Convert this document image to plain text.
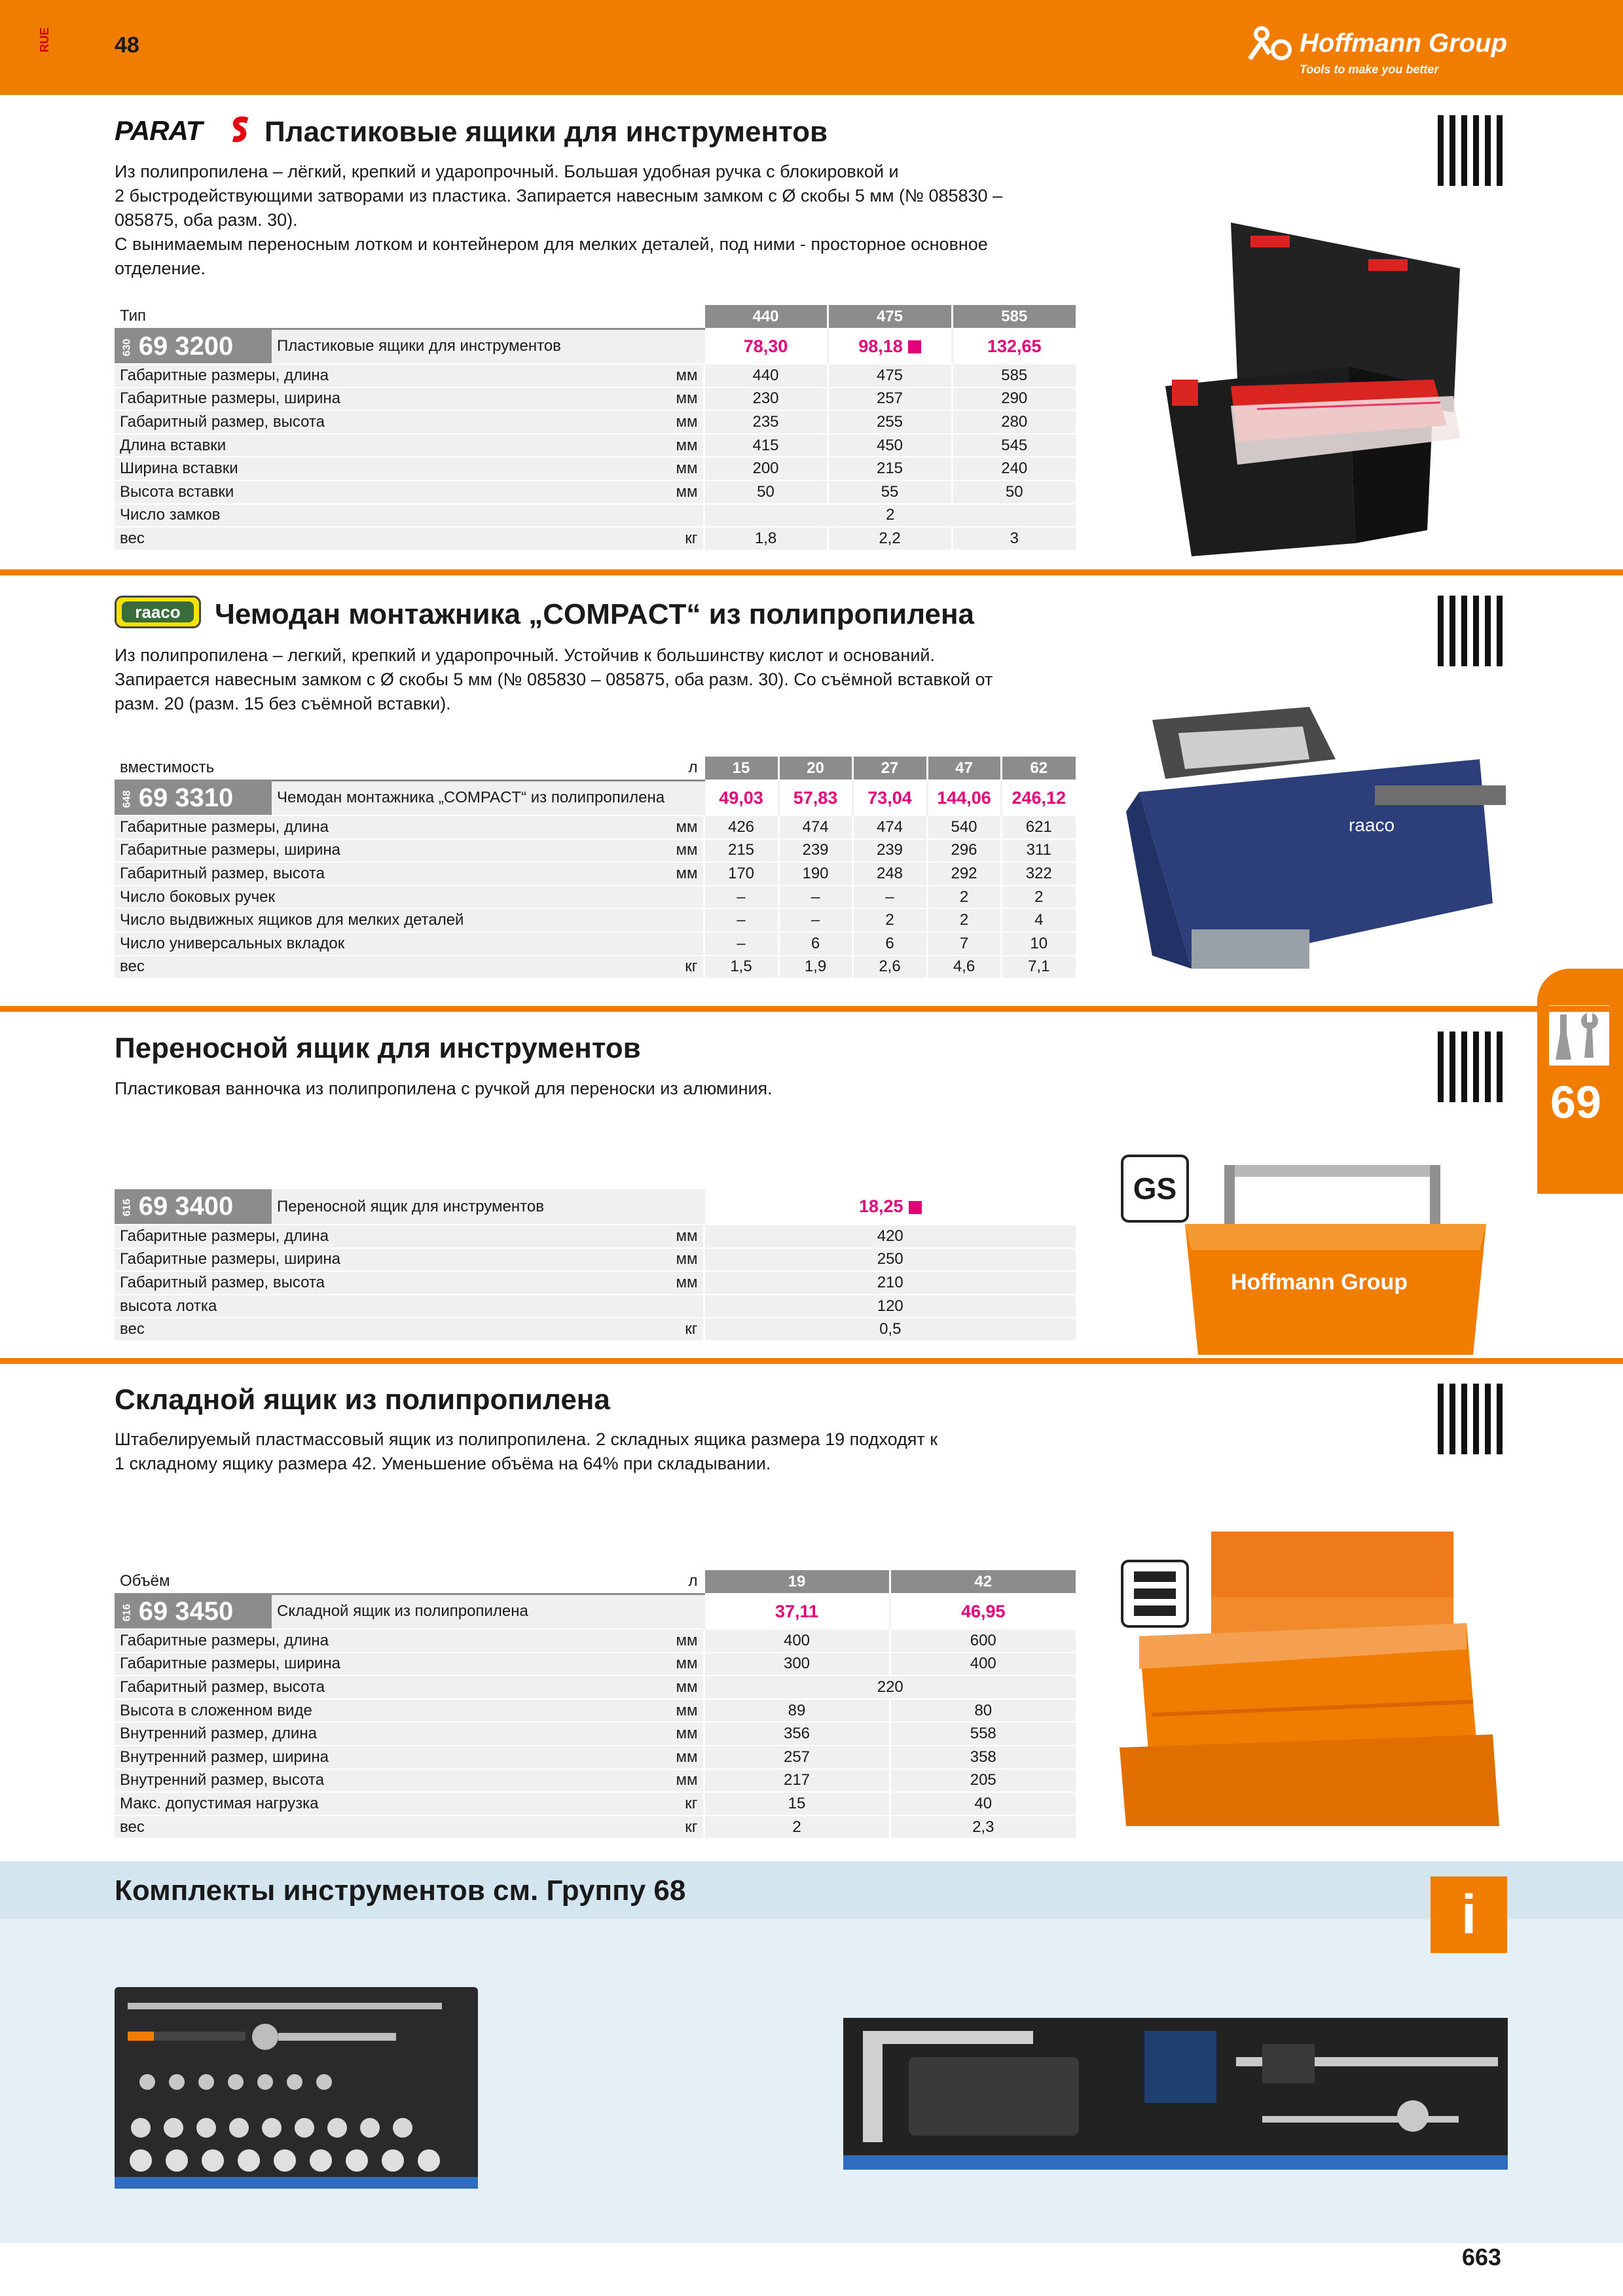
RUE	48	Hoffmann Group
Tools to make you better
69
PARAT Пластиковые ящики для инструментов
Из полипропилена – лёгкий, крепкий и ударопрочный. Большая удобная ручка с блокировкой и
2 быстродействующими затворами из пластика. Запирается навесным замком с Ø скобы 5 мм (№ 085830 –
085875, оба разм. 30).
С вынимаемым переносным лотком и контейнером для мелких деталей, под ними - просторное основное
отделение.
Тип			440	475	585
630 69 3200	Пластиковые ящики для инструментов		78,30	98,18	132,65
Габаритные размеры, длина		мм	440	475	585
Габаритные размеры, ширина		мм	230	257	290
Габаритный размер, высота		мм	235	255	280
Длина вставки		мм	415	450	545
Ширина вставки		мм	200	215	240
Высота вставки		мм	50	55	50
Число замков			2		
вес		кг	1,8	2,2	3
raaco	Чемодан монтажника „COMPACT“ из полипропилена
Из полипропилена – легкий, крепкий и ударопрочный. Устойчив к большинству кислот и оснований.
Запирается навесным замком с Ø скобы 5 мм (№ 085830 – 085875, оба разм. 30). Со съёмной вставкой от
разм. 20 (разм. 15 без съёмной вставки).
вместимость		л	15	20	27	47	62
648 69 3310	Чемодан монтажника „COMPACT“ из полипропилена		49,03	57,83	73,04	144,06	246,12
Габаритные размеры, длина		мм	426	474	474	540	621
Габаритные размеры, ширина		мм	215	239	239	296	311
Габаритный размер, высота		мм	170	190	248	292	322
Число боковых ручек			–	–	–	2	2
Число выдвижных ящиков для мелких деталей			–	–	2	2	4
Число универсальных вкладок			–	6	6	7	10
вес		кг	1,5	1,9	2,6	4,6	7,1
raaco
Переносной ящик для инструментов
Пластиковая ванночка из полипропилена с ручкой для переноски из алюминия.
616 69 3400	Переносной ящик для инструментов		18,25
Габаритные размеры, длина		мм	420
Габаритные размеры, ширина		мм	250
Габаритный размер, высота		мм	210
высота лотка			120
вес		кг	0,5
GS
Hoffmann Group
Складной ящик из полипропилена
Штабелируемый пластмассовый ящик из полипропилена. 2 складных ящика размера 19 подходят к
1 складному ящику размера 42. Уменьшение объёма на 64% при складывании.
Объём		л	19	42
616 69 3450	Складной ящик из полипропилена		37,11	46,95
Габаритные размеры, длина		мм	400	600
Габаритные размеры, ширина		мм	300	400
Габаритный размер, высота		мм	220	
Высота в сложенном виде		мм	89	80
Внутренний размер, длина		мм	356	558
Внутренний размер, ширина		мм	257	358
Внутренний размер, высота		мм	217	205
Макс. допустимая нагрузка		кг	15	40
вес		кг	2	2,3
Комплекты инструментов см. Группу 68	i
663
